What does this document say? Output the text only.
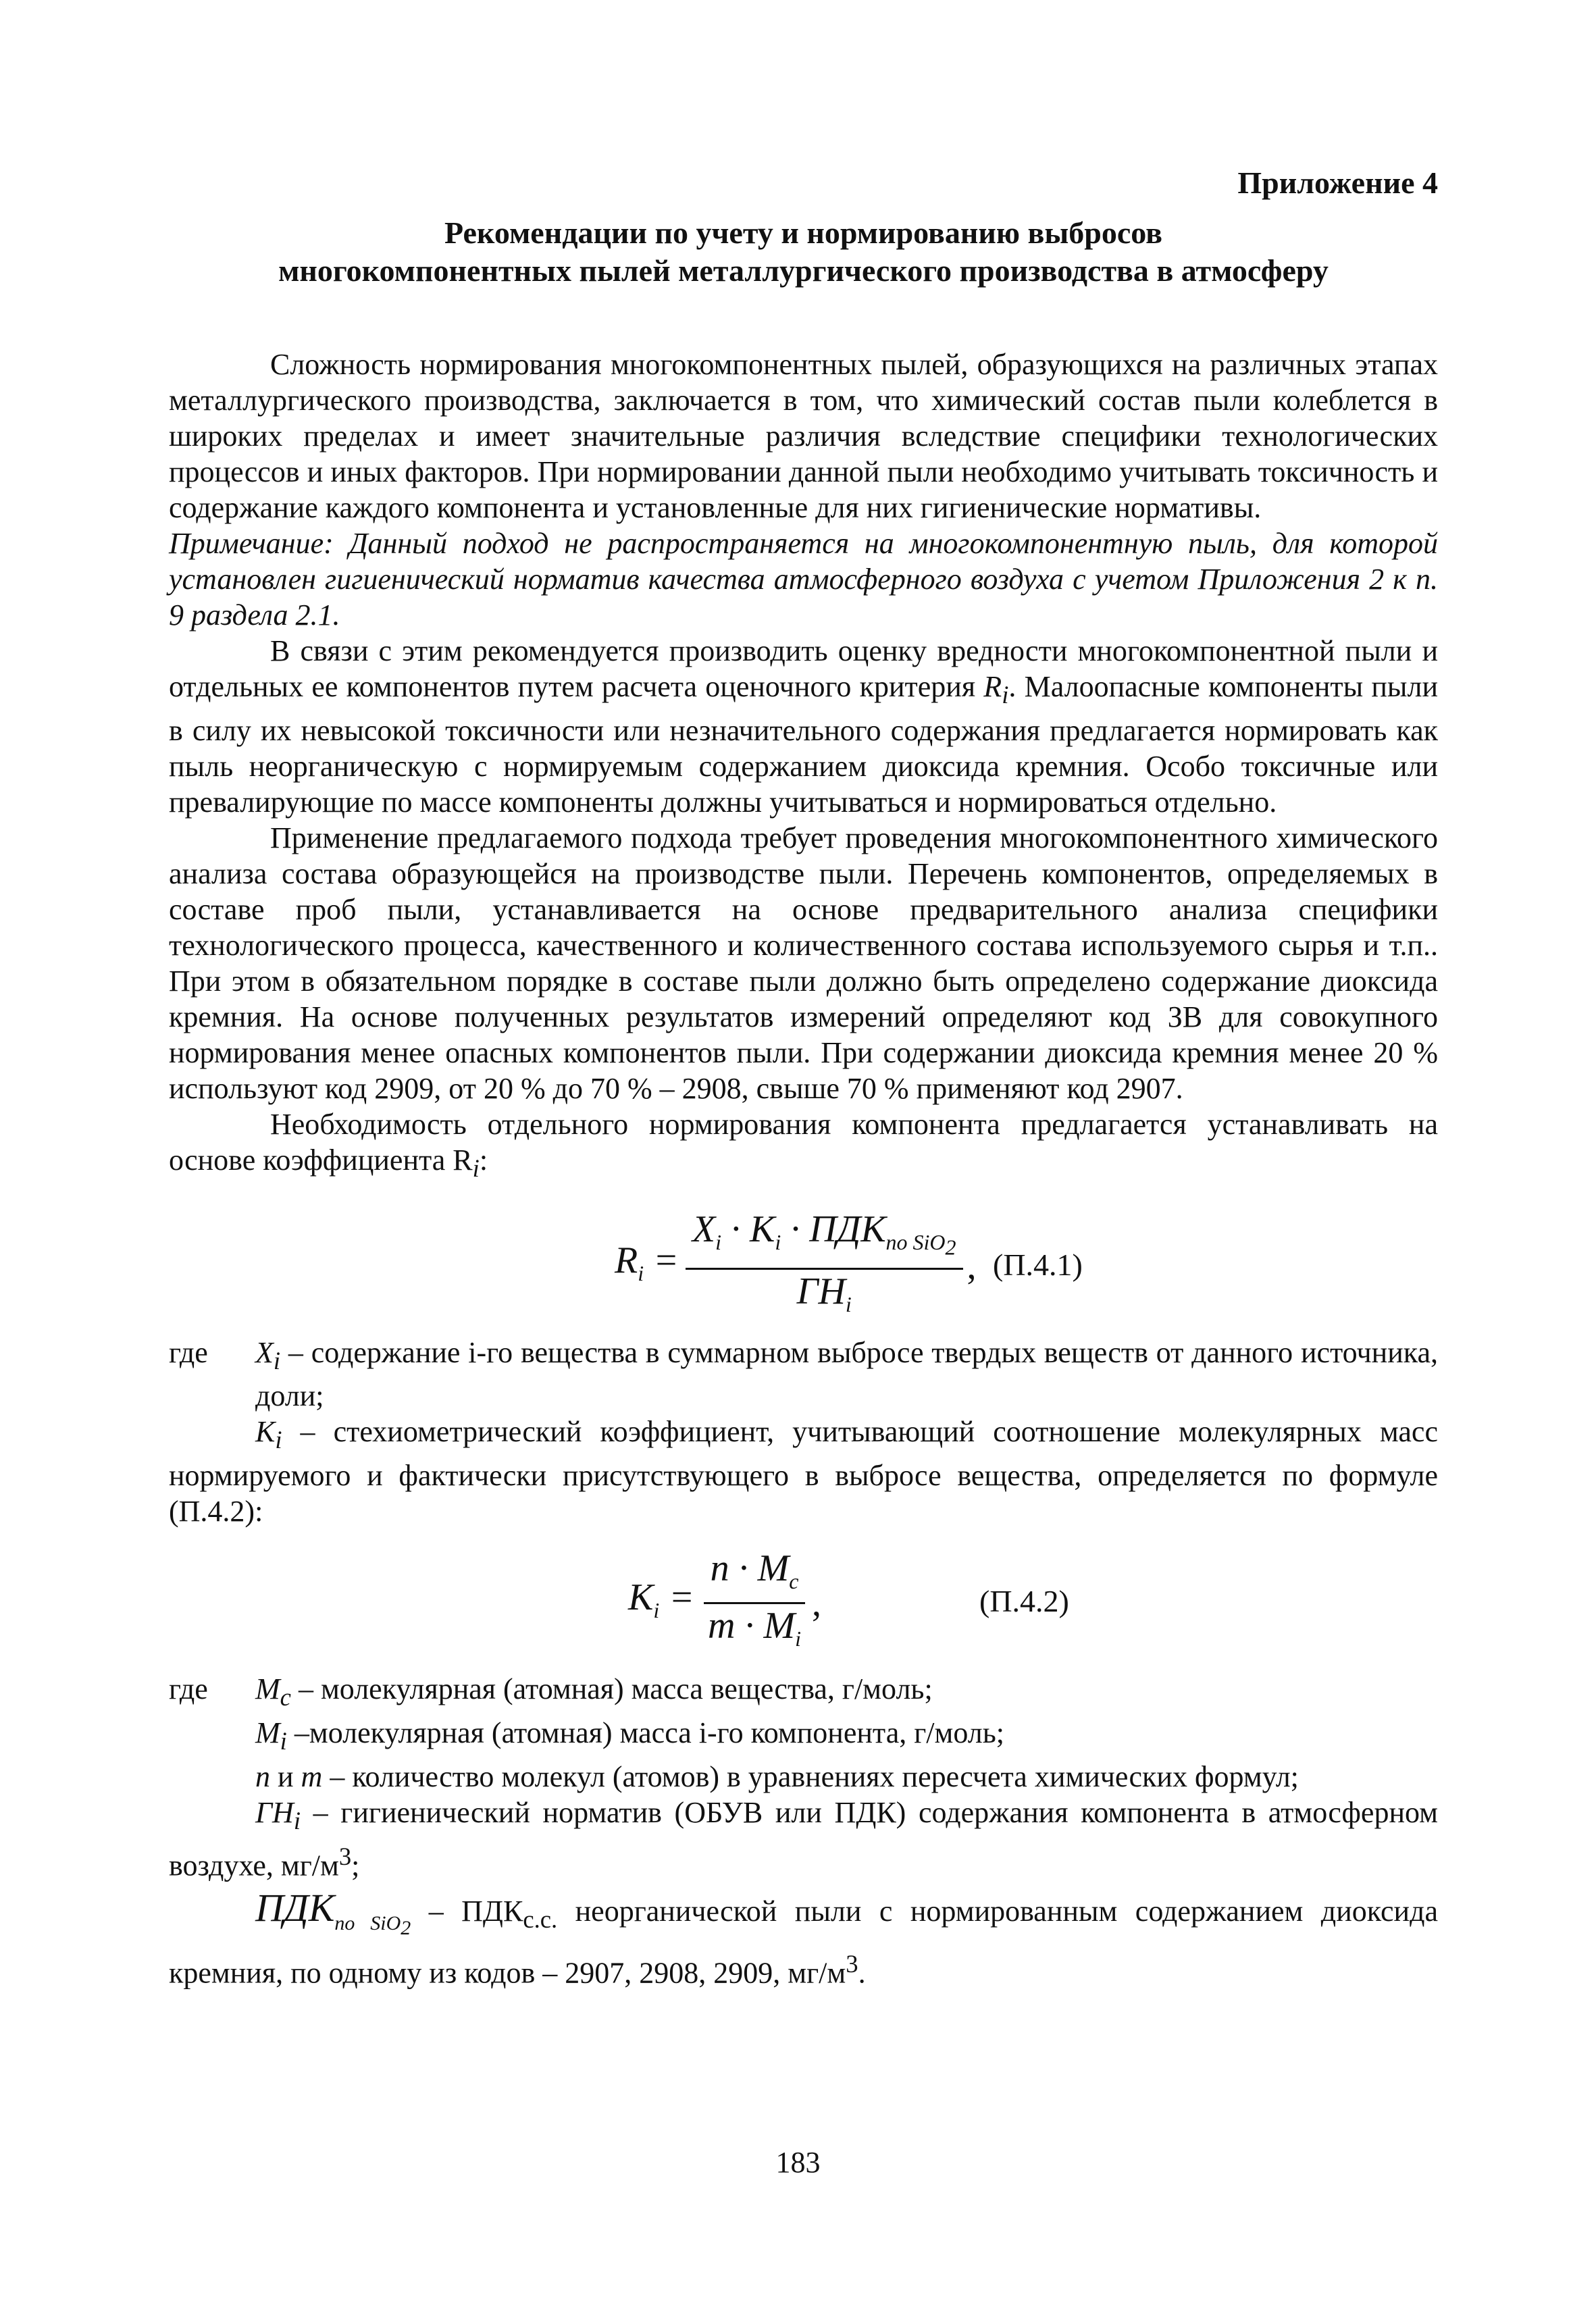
Приложение 4
Рекомендации по учету и нормированию выбросов
многокомпонентных пылей металлургического производства в атмосферу

Сложность нормирования многокомпонентных пылей, образующихся на различных этапах металлургического производства, заключается в том, что химический состав пыли колеблется в широких пределах и имеет значительные различия вследствие специфики технологических процессов и иных факторов. При нормировании данной пыли необходимо учитывать токсичность и содержание каждого компонента и установленные для них гигиенические нормативы.

Примечание: Данный подход не распространяется на многокомпонентную пыль, для которой установлен гигиенический норматив качества атмосферного воздуха с учетом Приложения 2 к п. 9 раздела 2.1.

В связи с этим рекомендуется производить оценку вредности многокомпонентной пыли и отдельных ее компонентов путем расчета оценочного критерия $R_i$. Малоопасные компоненты пыли в силу их невысокой токсичности или незначительного содержания предлагается нормировать как пыль неорганическую с нормируемым содержанием диоксида кремния. Особо токсичные или превалирующие по массе компоненты должны учитываться и нормироваться отдельно.

Применение предлагаемого подхода требует проведения многокомпонентного химического анализа состава образующейся на производстве пыли. Перечень компонентов, определяемых в составе проб пыли, устанавливается на основе предварительного анализа специфики технологического процесса, качественного и количественного состава используемого сырья и т.п.. При этом в обязательном порядке в составе пыли должно быть определено содержание диоксида кремния. На основе полученных результатов измерений определяют код ЗВ для совокупного нормирования менее опасных компонентов пыли. При содержании диоксида кремния менее 20 % используют код 2909, от 20 % до 70 % – 2908, свыше 70 % применяют код 2907.

Необходимость отдельного нормирования компонента предлагается устанавливать на основе коэффициента $R_i$:

$R_i = \frac{X_i \cdot K_i \cdot ПДК_{по SiO_2}}{ГН_i}$ , (П.4.1)
где	$X_i$ – содержание i-го вещества в суммарном выбросе твердых веществ от данного источника, доли;

$K_i$ – стехиометрический коэффициент, учитывающий соотношение молекулярных масс нормируемого и фактически присутствующего в выбросе вещества, определяется по формуле (П.4.2):

$K_i = \frac{n \cdot M_c}{m \cdot M_i}$ ,	(П.4.2)
где	$M_c$ – молекулярная (атомная) масса вещества, г/моль;

$M_i$ –молекулярная (атомная) масса i-го компонента, г/моль;

n и m – количество молекул (атомов) в уравнениях пересчета химических формул;

$ГН_i$ – гигиенический норматив (ОБУВ или ПДК) содержания компонента в атмосферном воздухе, $мг/м^3$;

$ПДК_{по SiO_2} - ПДК_{с.с.}$ неорганической пыли с нормированным содержанием диоксида кремния, по одному из кодов – 2907, 2908, 2909, $мг/м^3$.

183
